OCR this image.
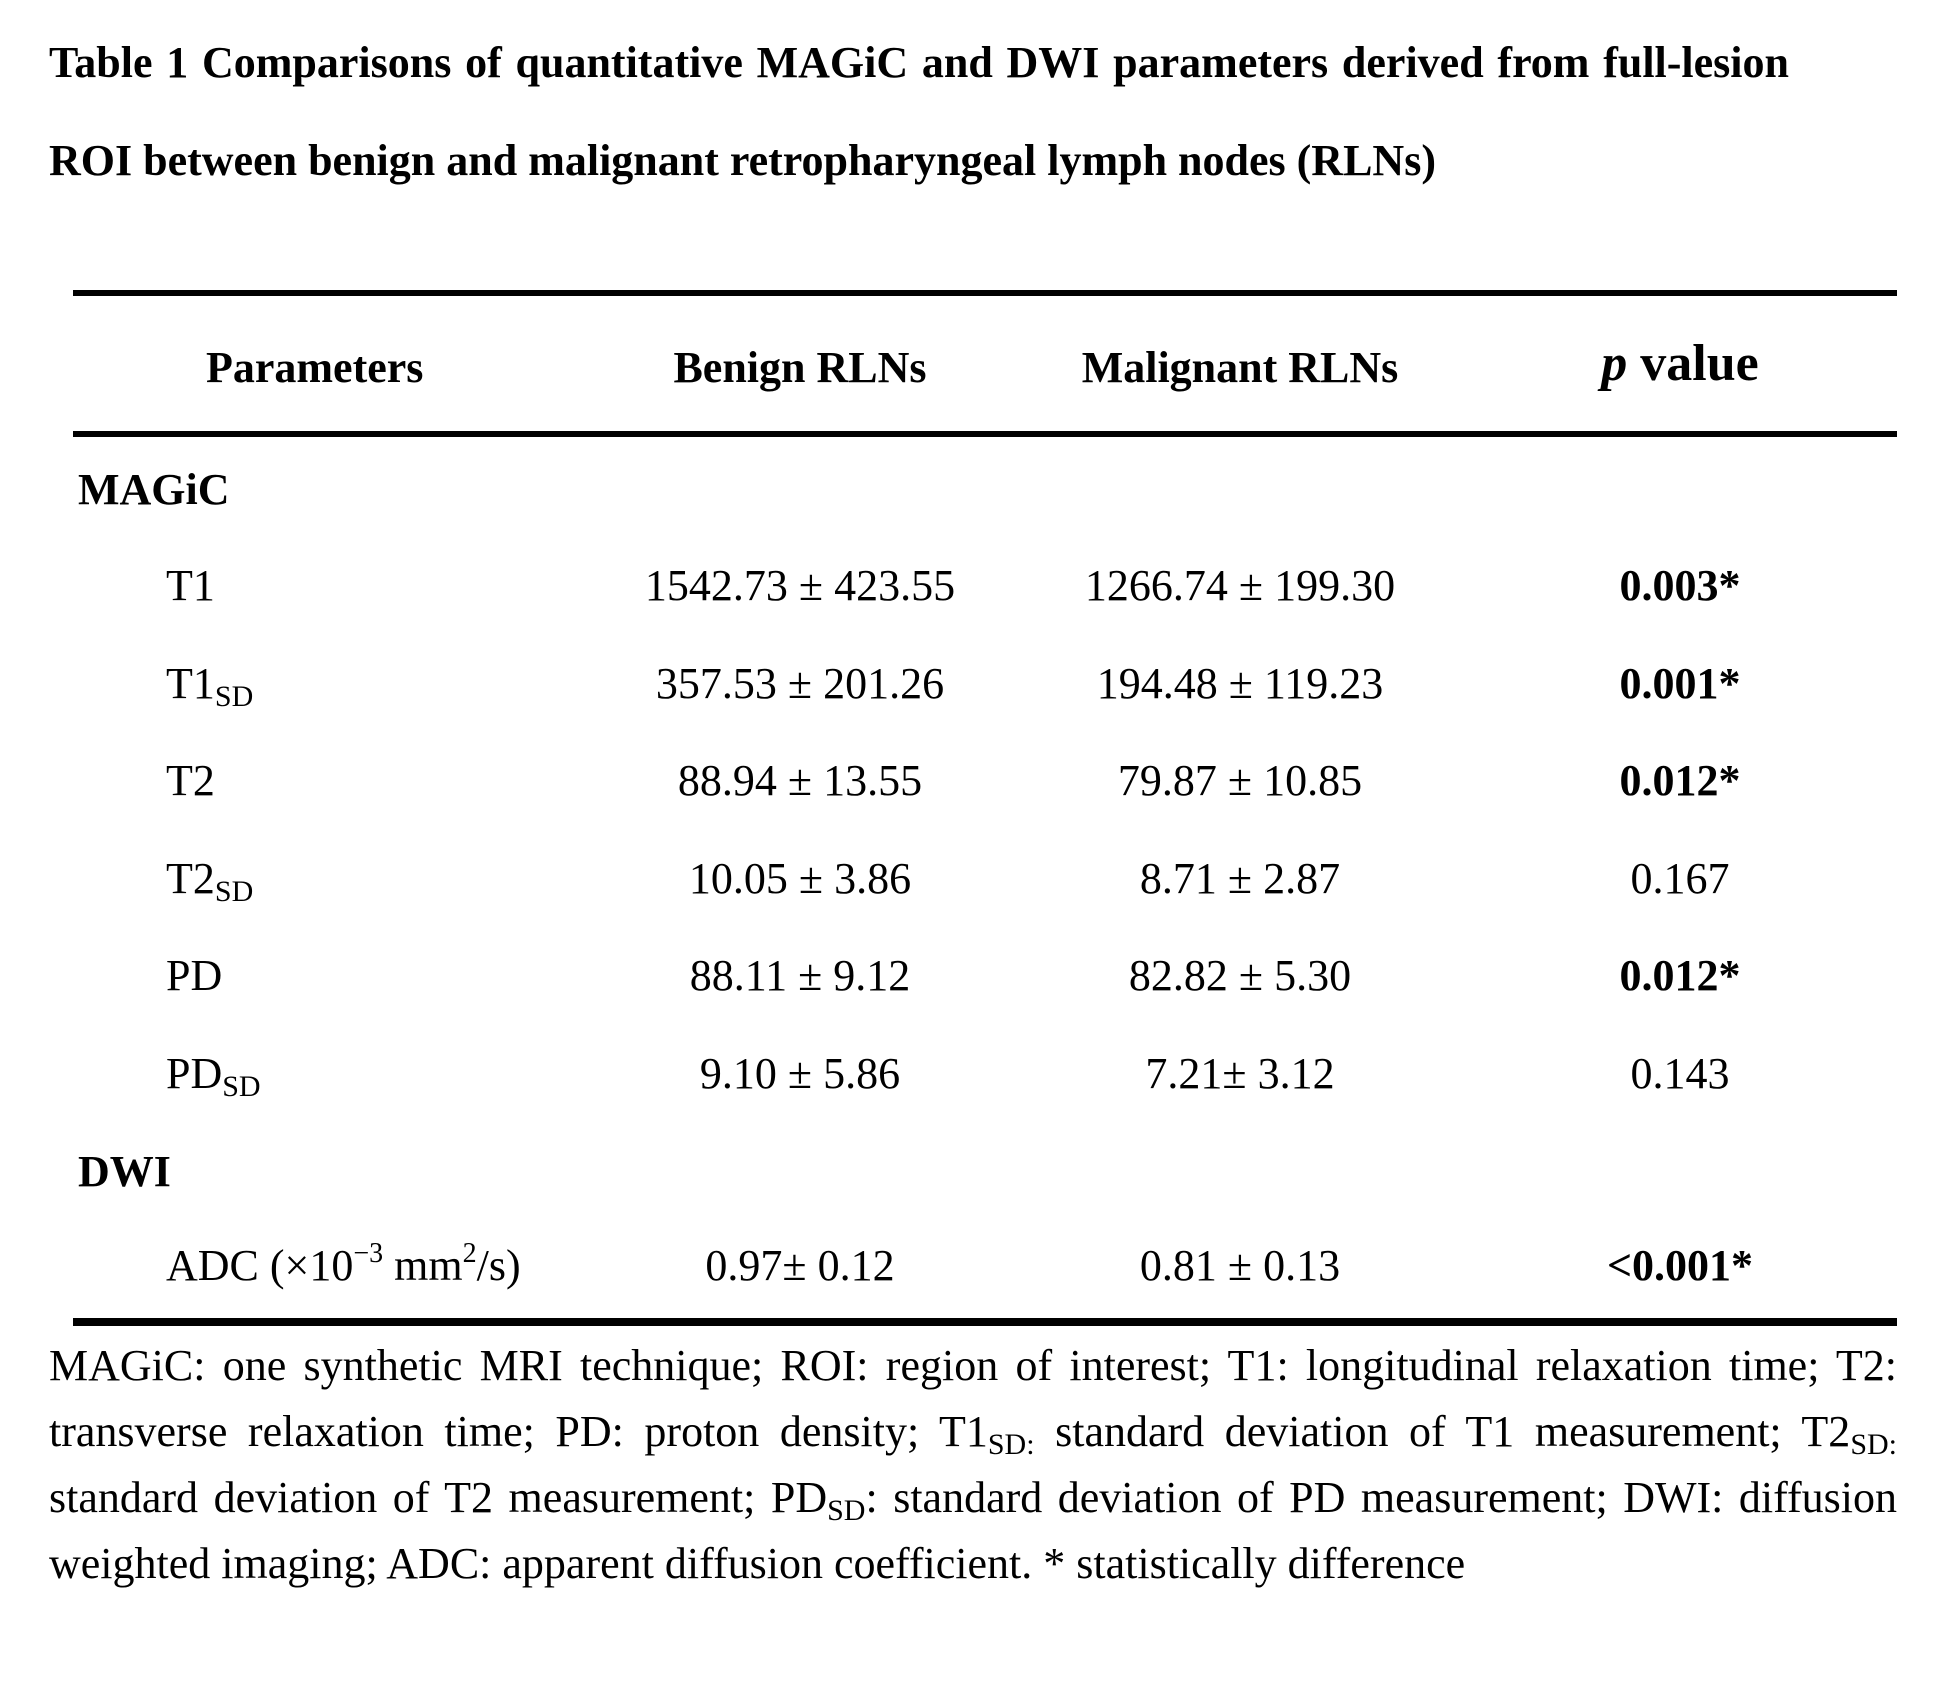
Table 1 Comparisons of quantitative MAGiC and DWI parameters derived from full-lesion ROI between benign and malignant retropharyngeal lymph nodes (RLNs)
Parameters	Benign RLNs	Malignant RLNs	p value
MAGiC
T1	1542.73 ± 423.55	1266.74 ± 199.30	0.003*
$T1_{SD}$	357.53 ± 201.26	194.48 ± 119.23	0.001*
T2	88.94 ± 13.55	79.87 ± 10.85	0.012*
$T2_{SD}$	10.05 ± 3.86	8.71 ± 2.87	0.167
PD	88.11 ± 9.12	82.82 ± 5.30	0.012*
$PD_{SD}$	9.10 ± 5.86	7.21± 3.12	0.143
DWI
ADC ($\times 10^{-3}$ $mm^2/s$)	0.97± 0.12	0.81 ± 0.13	<0.001*
MAGiC: one synthetic MRI technique; ROI: region of interest; T1: longitudinal relaxation time; T2: transverse relaxation time; PD: proton density; $T1_{SD:}$ standard deviation of T1 measurement; $T2_{SD:}$ standard deviation of T2 measurement; $PD_{SD}$: standard deviation of PD measurement; DWI: diffusion weighted imaging; ADC: apparent diffusion coefficient. * statistically difference
